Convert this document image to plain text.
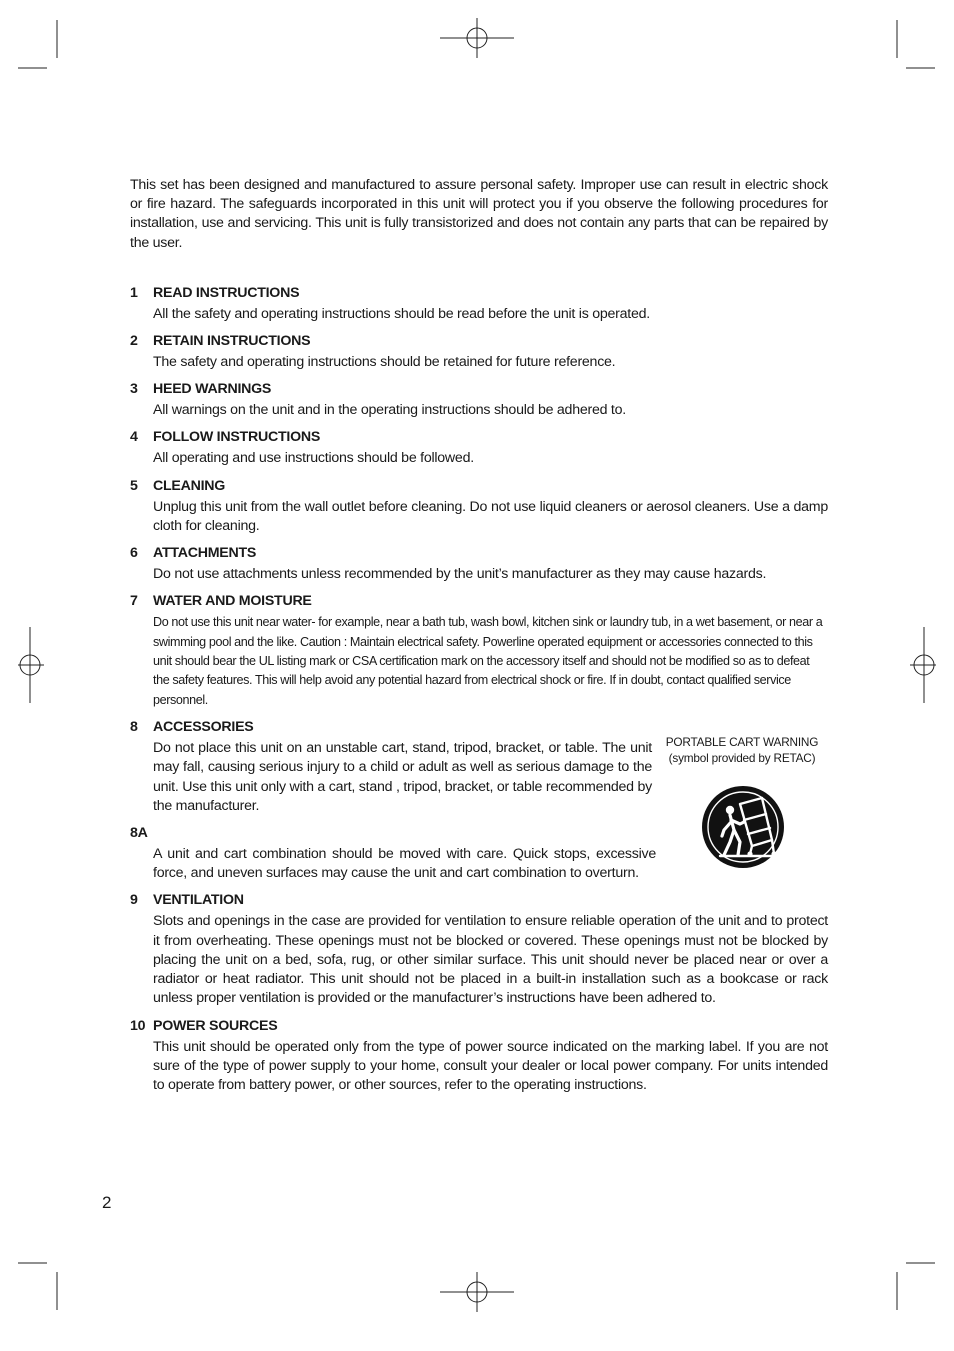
This set has been designed and manufactured to assure personal safety. Improper use can result in electric shock or fire hazard. The safeguards incorporated in this unit will protect you if you observe the following procedures for installation, use and servicing. This unit is fully transistorized and does not contain any parts that can be repaired by the user.

1 READ INSTRUCTIONS

All the safety and operating instructions should be read before the unit is operated.

2 RETAIN INSTRUCTIONS

The safety and operating instructions should be retained for future reference.

3 HEED WARNINGS

All warnings on the unit and in the operating instructions should be adhered to.

4 FOLLOW INSTRUCTIONS

All operating and use instructions should be followed.

5 CLEANING

Unplug this unit from the wall outlet before cleaning. Do not use liquid cleaners or aerosol cleaners. Use a damp cloth for cleaning.

6 ATTACHMENTS

Do not use attachments unless recommended by the unit’s manufacturer as they may cause hazards.

7 WATER AND MOISTURE

Do not use this unit near water- for example, near a bath tub, wash bowl, kitchen sink or laundry tub, in a wet basement, or near a swimming pool and the like. Caution : Maintain electrical safety. Powerline operated equipment or accessories connected to this unit should bear the UL listing mark or CSA certification mark on the accessory itself and should not be modified so as to defeat the safety features. This will help avoid any potential hazard from electrical shock or fire. If in doubt, contact qualified service personnel.

8 ACCESSORIES

Do not place this unit on an unstable cart, stand, tripod, bracket, or table. The unit may fall, causing serious injury to a child or adult as well as serious damage to the unit. Use this unit only with a cart, stand , tripod, bracket, or table recommended by the manufacturer.

8A

A unit and cart combination should be moved with care. Quick stops, excessive force, and uneven surfaces may cause the unit and cart combination to overturn.

9 VENTILATION

Slots and openings in the case are provided for ventilation to ensure reliable operation of the unit and to protect it from overheating. These openings must not be blocked or covered. These openings must not be blocked by placing the unit on a bed, sofa, rug, or other similar surface. This unit should never be placed near or over a radiator or heat radiator. This unit should not be placed in a built-in installation such as a bookcase or rack unless proper ventilation is provided or the manufacturer’s instructions have been adhered to.

10 POWER SOURCES

This unit should be operated only from the type of power source indicated on the marking label. If you are not sure of the type of power supply to your home, consult your dealer or local power company. For units intended to operate from battery power, or other sources, refer to the operating instructions.

PORTABLE CART WARNING
(symbol provided by RETAC)
2
